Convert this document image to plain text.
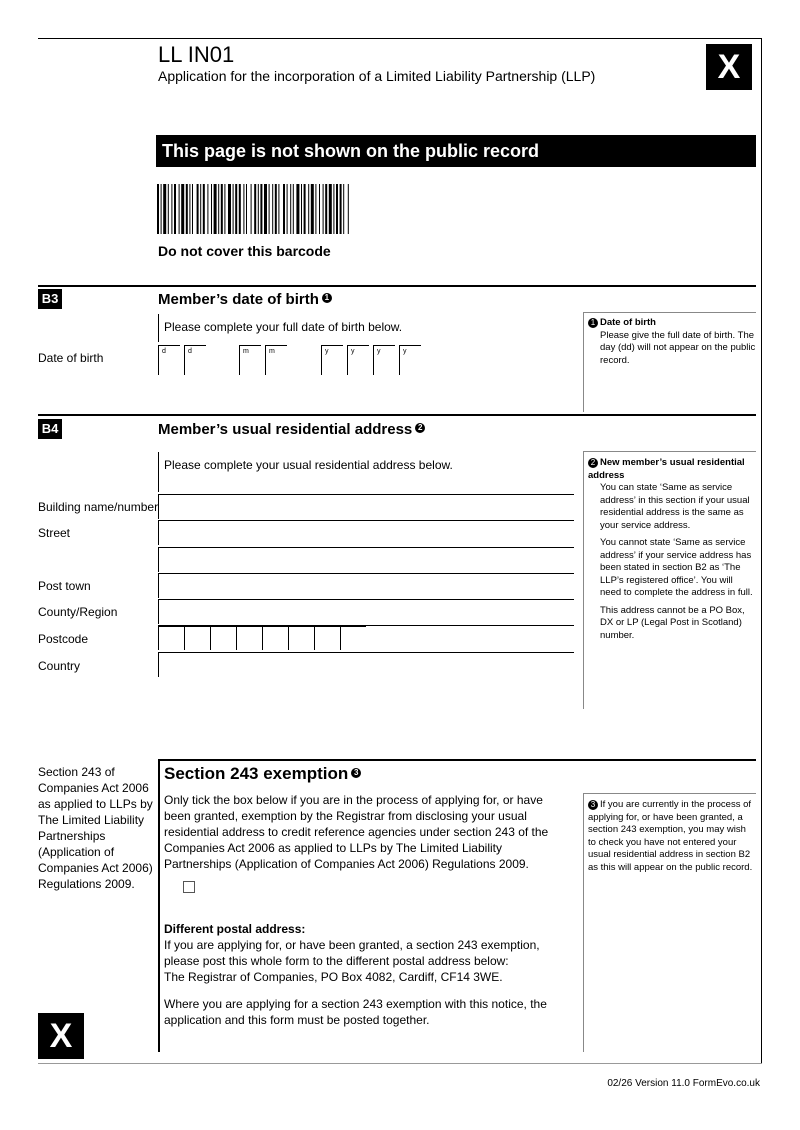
LL IN01
Application for the incorporation of a Limited Liability Partnership (LLP)	X
This page is not shown on the public record
Do not cover this barcode
B3	Member’s date of birth 1
Please complete your full date of birth below.
Date of birth	d	d	m	m	y	y	y	y
1 Date of birth
Please give the full date of birth. The day (dd) will not appear on the public record.
B4	Member’s usual residential address 2
Please complete your usual residential address below.
Building name/number
Street
Post town
County/Region
Postcode
Country
2 New member’s usual residential address
You can state ‘Same as service address’ in this section if your usual residential address is the same as your service address.
You cannot state ‘Same as service address’ if your service address has been stated in section B2 as ‘The LLP’s registered office’. You will need to complete the address in full.
This address cannot be a PO Box, DX or LP (Legal Post in Scotland) number.
Section 243 of Companies Act 2006 as applied to LLPs by The Limited Liability Partnerships (Application of Companies Act 2006) Regulations 2009.
Section 243 exemption 3
Only tick the box below if you are in the process of applying for, or have been granted, exemption by the Registrar from disclosing your usual residential address to credit reference agencies under section 243 of the Companies Act 2006 as applied to LLPs by The Limited Liability Partnerships (Application of Companies Act 2006) Regulations 2009.
Different postal address:
If you are applying for, or have been granted, a section 243 exemption, please post this whole form to the different postal address below:
The Registrar of Companies, PO Box 4082, Cardiff, CF14 3WE.
Where you are applying for a section 243 exemption with this notice, the application and this form must be posted together.
3 If you are currently in the process of applying for, or have been granted, a section 243 exemption, you may wish to check you have not entered your usual residential address in section B2 as this will appear on the public record.
X
02/26 Version 11.0 FormEvo.co.uk
